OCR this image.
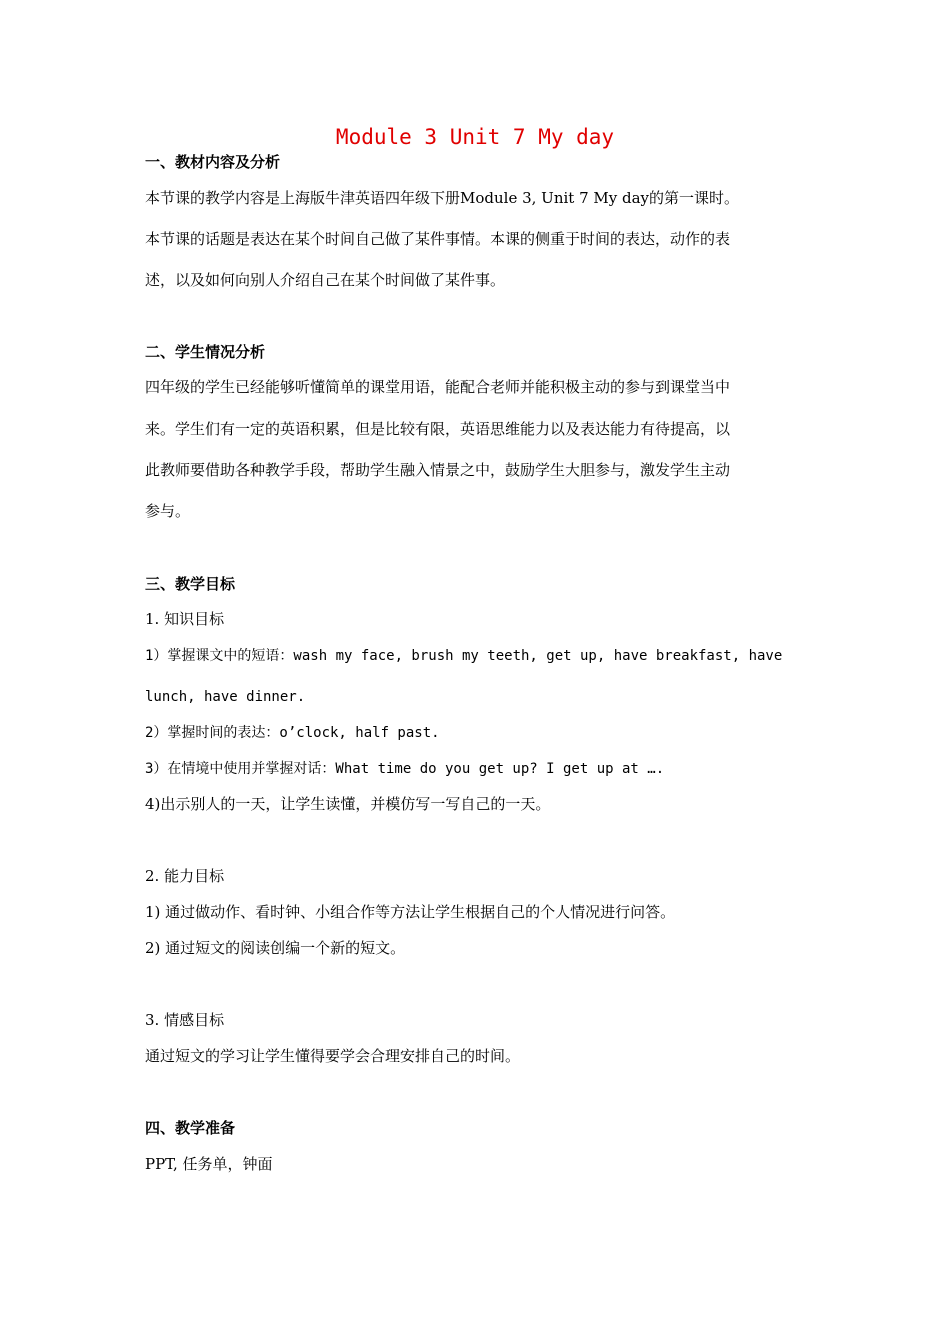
Module 3 Unit 7 My day
一、教材内容及分析
本节课的教学内容是上海版牛津英语四年级下册Module 3, Unit 7 My day的第一课时。
本节课的话题是表达在某个时间自己做了某件事情。本课的侧重于时间的表达，动作的表
述，以及如何向别人介绍自己在某个时间做了某件事。
二、学生情况分析
四年级的学生已经能够听懂简单的课堂用语，能配合老师并能积极主动的参与到课堂当中
来。学生们有一定的英语积累，但是比较有限，英语思维能力以及表达能力有待提高，以
此教师要借助各种教学手段，帮助学生融入情景之中，鼓励学生大胆参与，激发学生主动
参与。
三、教学目标
1. 知识目标
1）掌握课文中的短语：wash my face, brush my teeth, get up, have breakfast, have
lunch, have dinner.
2）掌握时间的表达：o’clock, half past.
3）在情境中使用并掌握对话：What time do you get up? I get up at ….
4)出示别人的一天，让学生读懂，并模仿写一写自己的一天。
2. 能力目标
1) 通过做动作、看时钟、小组合作等方法让学生根据自己的个人情况进行问答。
2) 通过短文的阅读创编一个新的短文。
3. 情感目标
通过短文的学习让学生懂得要学会合理安排自己的时间。
四、教学准备
PPT, 任务单，钟面
